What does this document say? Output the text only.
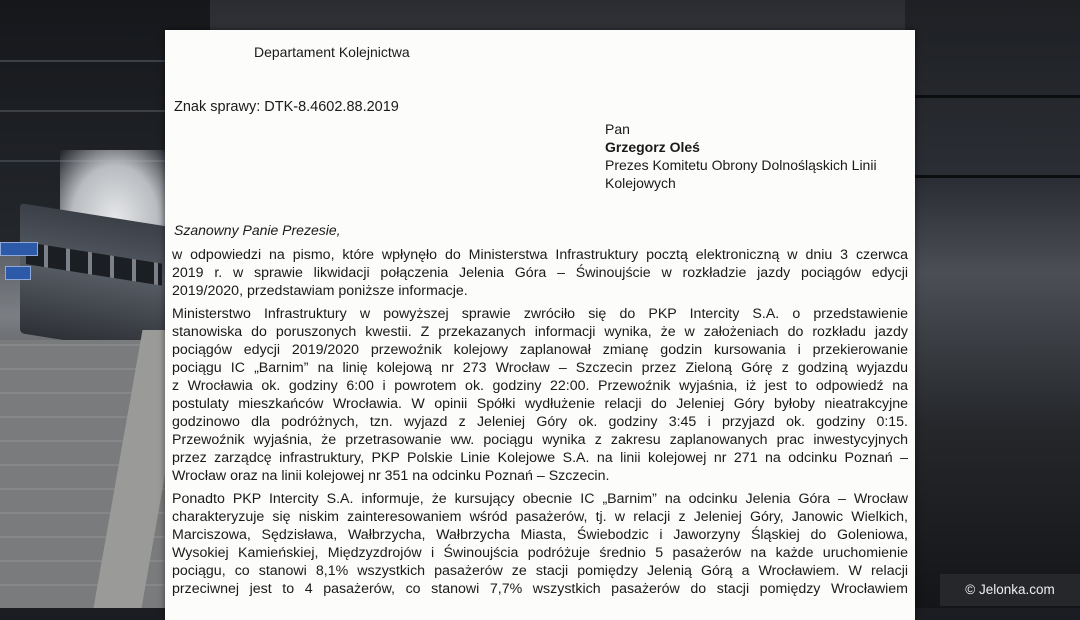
Departament Kolejnictwa
Znak sprawy: DTK-8.4602.88.2019
Pan
Grzegorz Oleś
Prezes Komitetu Obrony Dolnośląskich Linii
Kolejowych
Szanowny Panie Prezesie,
w odpowiedzi na pismo, które wpłynęło do Ministerstwa Infrastruktury pocztą elektroniczną w dniu 3 czerwca
2019 r. w sprawie likwidacji połączenia Jelenia Góra – Świnoujście w rozkładzie jazdy pociągów edycji
2019/2020, przedstawiam poniższe informacje.
Ministerstwo Infrastruktury w powyższej sprawie zwróciło się do PKP Intercity S.A. o przedstawienie
stanowiska do poruszonych kwestii. Z przekazanych informacji wynika, że w założeniach do rozkładu jazdy
pociągów edycji 2019/2020 przewoźnik kolejowy zaplanował zmianę godzin kursowania i przekierowanie
pociągu IC „Barnim” na linię kolejową nr 273 Wrocław – Szczecin przez Zieloną Górę z godziną wyjazdu
z Wrocławia ok. godziny 6:00 i powrotem ok. godziny 22:00. Przewoźnik wyjaśnia, iż jest to odpowiedź na
postulaty mieszkańców Wrocławia. W opinii Spółki wydłużenie relacji do Jeleniej Góry byłoby nieatrakcyjne
godzinowo dla podróżnych, tzn. wyjazd z Jeleniej Góry ok. godziny 3:45 i przyjazd ok. godziny 0:15.
Przewoźnik wyjaśnia, że przetrasowanie ww. pociągu wynika z zakresu zaplanowanych prac inwestycyjnych
przez zarządcę infrastruktury, PKP Polskie Linie Kolejowe S.A. na linii kolejowej nr 271 na odcinku Poznań –
Wrocław oraz na linii kolejowej nr 351 na odcinku Poznań – Szczecin.
Ponadto PKP Intercity S.A. informuje, że kursujący obecnie IC „Barnim” na odcinku Jelenia Góra – Wrocław
charakteryzuje się niskim zainteresowaniem wśród pasażerów, tj. w relacji z Jeleniej Góry, Janowic Wielkich,
Marciszowa, Sędzisława, Wałbrzycha, Wałbrzycha Miasta, Świebodzic i Jaworzyny Śląskiej do Goleniowa,
Wysokiej Kamieńskiej, Międzyzdrojów i Świnoujścia podróżuje średnio 5 pasażerów na każde uruchomienie
pociągu, co stanowi 8,1% wszystkich pasażerów ze stacji pomiędzy Jelenią Górą a Wrocławiem. W relacji
przeciwnej jest to 4 pasażerów, co stanowi 7,7% wszystkich pasażerów do stacji pomiędzy Wrocławiem	© Jelonka.com
